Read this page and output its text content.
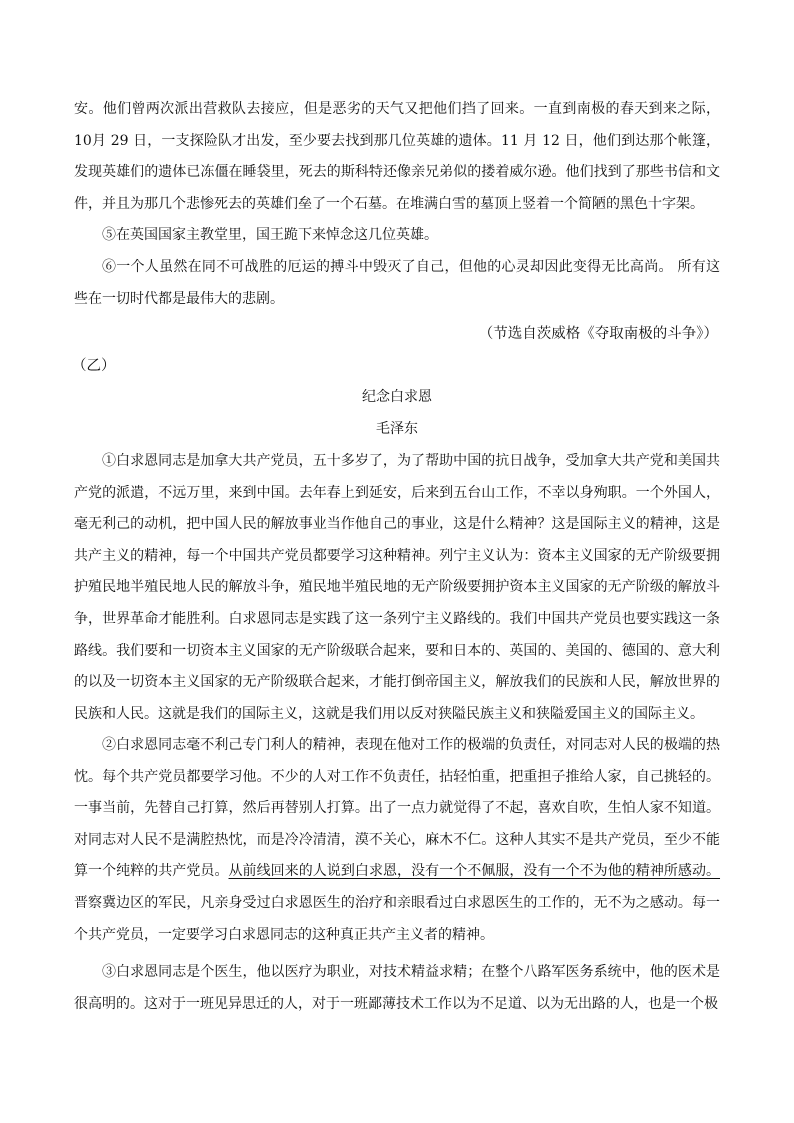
安。他们曾两次派出营救队去接应，但是恶劣的天气又把他们挡了回来。一直到南极的春天到来之际，10月 29 日，一支探险队才出发，至少要去找到那几位英雄的遗体。11 月 12 日，他们到达那个帐篷，发现英雄们的遗体已冻僵在睡袋里，死去的斯科特还像亲兄弟似的搂着威尔逊。他们找到了那些书信和文件，并且为那几个悲惨死去的英雄们垒了一个石墓。在堆满白雪的墓顶上竖着一个简陋的黑色十字架。

⑤在英国国家主教堂里，国王跪下来悼念这几位英雄。

⑥一个人虽然在同不可战胜的厄运的搏斗中毁灭了自己，但他的心灵却因此变得无比高尚。 所有这些在一切时代都是最伟大的悲剧。

（节选自茨威格《夺取南极的斗争》）
（乙）
纪念白求恩
毛泽东

①白求恩同志是加拿大共产党员，五十多岁了，为了帮助中国的抗日战争，受加拿大共产党和美国共产党的派遣，不远万里，来到中国。去年春上到延安，后来到五台山工作，不幸以身殉职。一个外国人，毫无利己的动机，把中国人民的解放事业当作他自己的事业，这是什么精神？这是国际主义的精神，这是共产主义的精神，每一个中国共产党员都要学习这种精神。列宁主义认为：资本主义国家的无产阶级要拥护殖民地半殖民地人民的解放斗争，殖民地半殖民地的无产阶级要拥护资本主义国家的无产阶级的解放斗争，世界革命才能胜利。白求恩同志是实践了这一条列宁主义路线的。我们中国共产党员也要实践这一条路线。我们要和一切资本主义国家的无产阶级联合起来，要和日本的、英国的、美国的、德国的、意大利的以及一切资本主义国家的无产阶级联合起来，才能打倒帝国主义，解放我们的民族和人民，解放世界的民族和人民。这就是我们的国际主义，这就是我们用以反对狭隘民族主义和狭隘爱国主义的国际主义。

②白求恩同志毫不利己专门利人的精神，表现在他对工作的极端的负责任，对同志对人民的极端的热忱。每个共产党员都要学习他。不少的人对工作不负责任，拈轻怕重，把重担子推给人家，自己挑轻的。一事当前，先替自己打算，然后再替别人打算。出了一点力就觉得了不起，喜欢自吹，生怕人家不知道。对同志对人民不是满腔热忱，而是冷冷清清，漠不关心，麻木不仁。这种人其实不是共产党员，至少不能算一个纯粹的共产党员。从前线回来的人说到白求恩，没有一个不佩服，没有一个不为他的精神所感动。晋察冀边区的军民，凡亲身受过白求恩医生的治疗和亲眼看过白求恩医生的工作的，无不为之感动。每一个共产党员，一定要学习白求恩同志的这种真正共产主义者的精神。

③白求恩同志是个医生，他以医疗为职业，对技术精益求精；在整个八路军医务系统中，他的医术是很高明的。这对于一班见异思迁的人，对于一班鄙薄技术工作以为不足道、以为无出路的人，也是一个极
